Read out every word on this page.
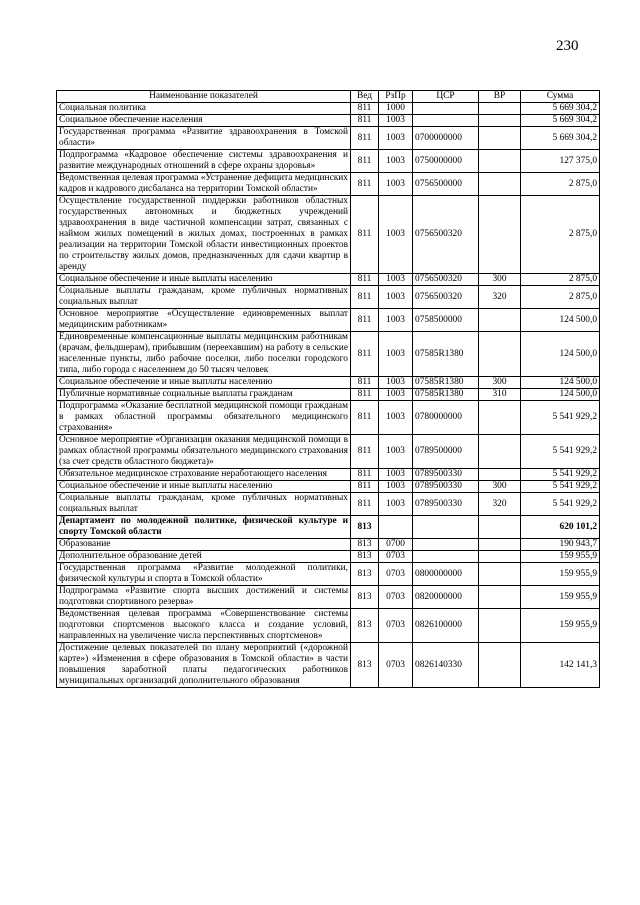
230
Наименование показателей	Вед	РзПр	ЦСР	ВР	Сумма
Социальная политика	811	1000			5 669 304,2
Социальное обеспечение населения	811	1003			5 669 304,2
Государственная программа «Развитие здравоохранения в Томской области»	811	1003	0700000000		5 669 304,2
Подпрограмма «Кадровое обеспечение системы здравоохранения и развитие международных отношений в сфере охраны здоровья»	811	1003	0750000000		127 375,0
Ведомственная целевая программа «Устранение дефицита медицинских кадров и кадрового дисбаланса на территории Томской области»	811	1003	0756500000		2 875,0
Осуществление государственной поддержки работников областных государственных автономных и бюджетных учреждений здравоохранения в виде частичной компенсации затрат, связанных с наймом жилых помещений в жилых домах, построенных в рамках реализации на территории Томской области инвестиционных проектов по строительству жилых домов, предназначенных для сдачи квартир в аренду	811	1003	0756500320		2 875,0
Социальное обеспечение и иные выплаты населению	811	1003	0756500320	300	2 875,0
Социальные выплаты гражданам, кроме публичных нормативных социальных выплат	811	1003	0756500320	320	2 875,0
Основное мероприятие «Осуществление единовременных выплат медицинским работникам»	811	1003	0758500000		124 500,0
Единовременные компенсационные выплаты медицинским работникам (врачам, фельдшерам), прибывшим (переехавшим) на работу в сельские населенные пункты, либо рабочие поселки, либо поселки городского типа, либо города с населением до 50 тысяч человек	811	1003	07585R1380		124 500,0
Социальное обеспечение и иные выплаты населению	811	1003	07585R1380	300	124 500,0
Публичные нормативные социальные выплаты гражданам	811	1003	07585R1380	310	124 500,0
Подпрограмма «Оказание бесплатной медицинской помощи гражданам в рамках областной программы обязательного медицинского страхования»	811	1003	0780000000		5 541 929,2
Основное мероприятие «Организация оказания медицинской помощи в рамках областной программы обязательного медицинского страхования (за счет средств областного бюджета)»	811	1003	0789500000		5 541 929,2
Обязательное медицинское страхование неработающего населения	811	1003	0789500330		5 541 929,2
Социальное обеспечение и иные выплаты населению	811	1003	0789500330	300	5 541 929,2
Социальные выплаты гражданам, кроме публичных нормативных социальных выплат	811	1003	0789500330	320	5 541 929,2
Департамент по молодежной политике, физической культуре и спорту Томской области	813				620 101,2
Образование	813	0700			190 943,7
Дополнительное образование детей	813	0703			159 955,9
Государственная программа «Развитие молодежной политики, физической культуры и спорта в Томской области»	813	0703	0800000000		159 955,9
Подпрограмма «Развитие спорта высших достижений и системы подготовки спортивного резерва»	813	0703	0820000000		159 955,9
Ведомственная целевая программа «Совершенствование системы подготовки спортсменов высокого класса и создание условий, направленных на увеличение числа перспективных спортсменов»	813	0703	0826100000		159 955,9
Достижение целевых показателей по плану мероприятий («дорожной карте») «Изменения в сфере образования в Томской области» в части повышения заработной платы педагогических работников муниципальных организаций дополнительного образования	813	0703	0826140330		142 141,3
